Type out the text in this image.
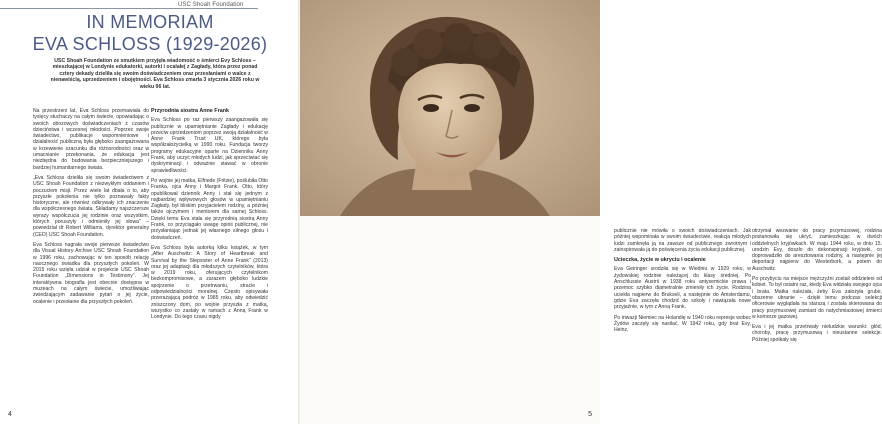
USC Shoah Foundation
IN MEMORIAM
EVA SCHLOSS (1929-2026)
USC Shoah Foundation ze smutkiem przyjęła wiadomość o śmierci Evy Schloss – mieszkającej w Londynie edukatorki, autorki i ocalałej z Zagłady, która przez ponad cztery dekady dzieliła się swoim doświadczeniem oraz przesłaniami o walce z nienawiścią, uprzedzeniem i obojętności. Eva Schloss zmarła 3 stycznia 2026 roku w wieku 96 lat.

Na przestrzeni lat, Eva Schloss przemawiała do tysięcy słuchaczy na całym świecie, opowiadając o swoich obozowych doświadczeniach z czasów dzieciństwa i wczesnej młodości. Poprzez swoje świadectwo, publikacje wspomnieniowe i działalność publiczną była głęboko zaangażowana w krzewienie szacunku dla różnorodności oraz w umacnianie przekonania, że edukacja jest niezbędna do budowania bezpieczniejszego i bardziej humanitarnego świata.

„Eva Schloss dzieliła się swoim świadectwem z USC Shoah Foundation z niezwykłym oddaniem i poczuciem misji. Przez wiele lat dbała o to, aby przyszłe pokolenia nie tylko poznawały fakty historyczne, ale również odkrywały ich znaczenie dla współczesnego świata. Składamy najszczersze wyrazy współczucia jej rodzinie oraz wszystkim, których poruszyły i odmieniły jej słowa” – powiedział dr Robert Williams, dyrektor generalny (CEO) USC Shoah Foundation.

Eva Schloss nagrała swoje pierwsze świadectwo dla Visual History Archive USC Shoah Foundation w 1996 roku, zachowując w ten sposób relację naocznego świadka dla przyszłych pokoleń. W 2015 roku wzięła udział w projekcie USC Shoah Foundation „Dimensions in Testimony”. Jej interaktywna biografia jest obecnie dostępna w muzeach na całym świecie, umożliwiając zwiedzającym zadawanie pytań o jej życie, ocalenie i przesłanie dla przyszłych pokoleń.

Przyrodnia siostra Anne Frank

Eva Schloss po raz pierwszy zaangażowała się publicznie w upamiętnianie Zagłady i edukację przeciw uprzedzeniom poprzez swoją działalność w Anne Frank Trust UK, którego była współzałożycielką w 1990 roku. Fundacja tworzy programy edukacyjne oparte na Dzienniku Anny Frank, aby uczyć młodych ludzi, jak sprzeciwiać się dyskryminacji i odważnie stawać w obronie sprawiedliwości.

Po wojnie jej matka, Elfriede (Fritzie), poślubiła Otto Franka, ojca Anny i Margot Frank. Otto, który opublikował dziennik Anny i stał się jednym z najbardziej wpływowych głosów w upamiętnianiu Zagłady, był bliskim przyjacielem rodziny, a później także ojczymem i mentorem dla samej Schloss. Dzięki temu Eva stała się przyrodnią siostrą Anny Frank, co przyciągało uwagę opinii publicznej, nie przysłaniając jednak jej własnego silnego głosu i doświadczeń.

Eva Schloss była autorką kilku książek, w tym „After Auschwitz: A Story of Heartbreak and Survival by the Stepsister of Anne Frank” (2013) oraz jej adaptacji dla młodszych czytelników, która w 2019 roku, oferujących czytelnikom bezkompromisowe, a zarazem głęboko ludzkie spojrzenie o przetrwaniu, stracie i odpowiedzialności moralnej. Często opisywała przerażającą podróż w 1985 roku, aby odwiedzić zniszczony dom, po wojnie przyszła z matką, wszystko co zastały w ramach z Anną Frank w Londynie. Do tego czasu nigdy

4

publicznie nie mówiła o swoich doświadczeniach. Jak później wspominała w swoim świadectwie, reakcja młodych ludzi zamknęła ją na zawsze od publicznego zwrotnym i zainspirowała ją do poświęcenia życia edukacji publicznej.

Ucieczka, życie w ukryciu i ocalenie

Eva Geiringer urodziła się w Wiedniu w 1929 roku, w żydowskiej rodzinie należącej do klasy średniej. Po Anschlussie Austrii w 1938 roku antysemickie prawa i przemoc szybko diametralnie zmieniły ich życie. Rodzina uciekła najpierw do Brukseli, a następnie do Amsterdamu, gdzie Eva zaczęła chodzić do szkoły i nawiązała nowe przyjaźnie, w tym z Anną Frank.

Po inwazji Niemiec na Holandię w 1940 roku represje wobec Żydów zaczęły się nasilać. W 1942 roku, gdy brat Evy, Heinz,

otrzymał wezwanie do pracy przymusowej, rodzina postanowiła się ukryć, zamieszkując w dwóch oddzielnych kryjówkach. W maju 1944 roku, w dniu 15. urodzin Evy, doszło do dekonspiracji kryjówki, co doprowadziło do aresztowania rodziny, a następnie jej deportacji najpierw do Westerbork, a potem do Auschwitz.

Po przybyciu na miejsce mężczyźni zostali oddzieleni od kobiet. To był ostatni raz, kiedy Eva widziała swojego ojca i brata. Matka należała, żeby Eva założyła grube, obszerne ubranie – dzięki temu podczas selekcji oficerowie wyglądała na starszą i została skierowana do pracy przymusowej zamiast do natychmiastowej śmierci w komorze gazowej.

Eva i jej matka przetrwały nieludzkie warunki: głód, choroby, pracę przymusową i nieustanne selekcje. Później spotkały się

5
